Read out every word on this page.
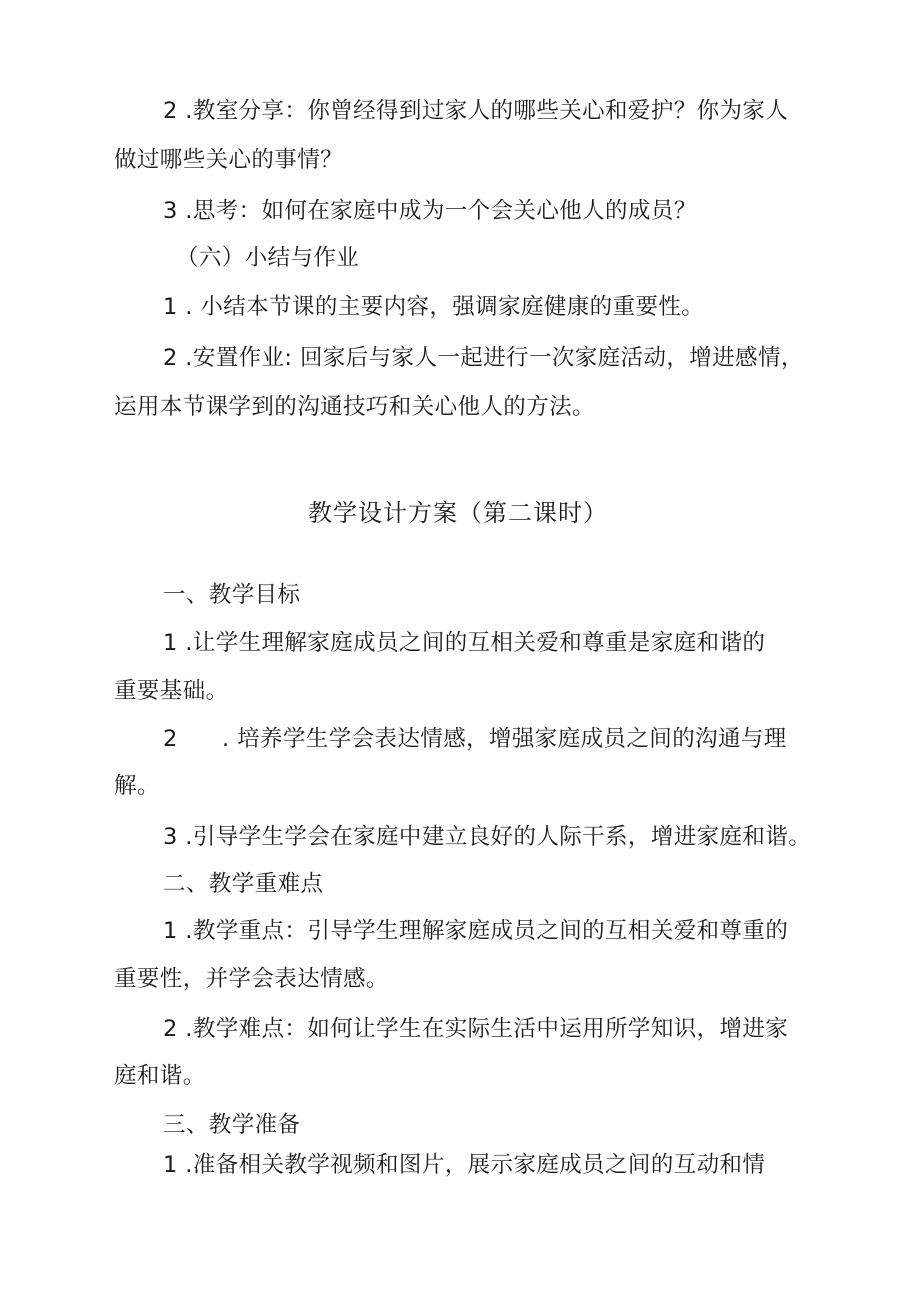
2 .教室分享：你曾经得到过家人的哪些关心和爱护？你为家人
做过哪些关心的事情？
3 .思考：如何在家庭中成为一个会关心他人的成员？
（六）小结与作业
1 . 小结本节课的主要内容，强调家庭健康的重要性。
2 .安置作业: 回家后与家人一起进行一次家庭活动，增进感情，
运用本节课学到的沟通技巧和关心他人的方法。
教学设计方案（第二课时）
一、教学目标
1 .让学生理解家庭成员之间的互相关爱和尊重是家庭和谐的
重要基础。
2 . 培养学生学会表达情感，增强家庭成员之间的沟通与理
解。
3 .引导学生学会在家庭中建立良好的人际干系，增进家庭和谐。
二、教学重难点
1 .教学重点：引导学生理解家庭成员之间的互相关爱和尊重的
重要性，并学会表达情感。
2 .教学难点：如何让学生在实际生活中运用所学知识，增进家
庭和谐。
三、教学准备
1 .准备相关教学视频和图片，展示家庭成员之间的互动和情
